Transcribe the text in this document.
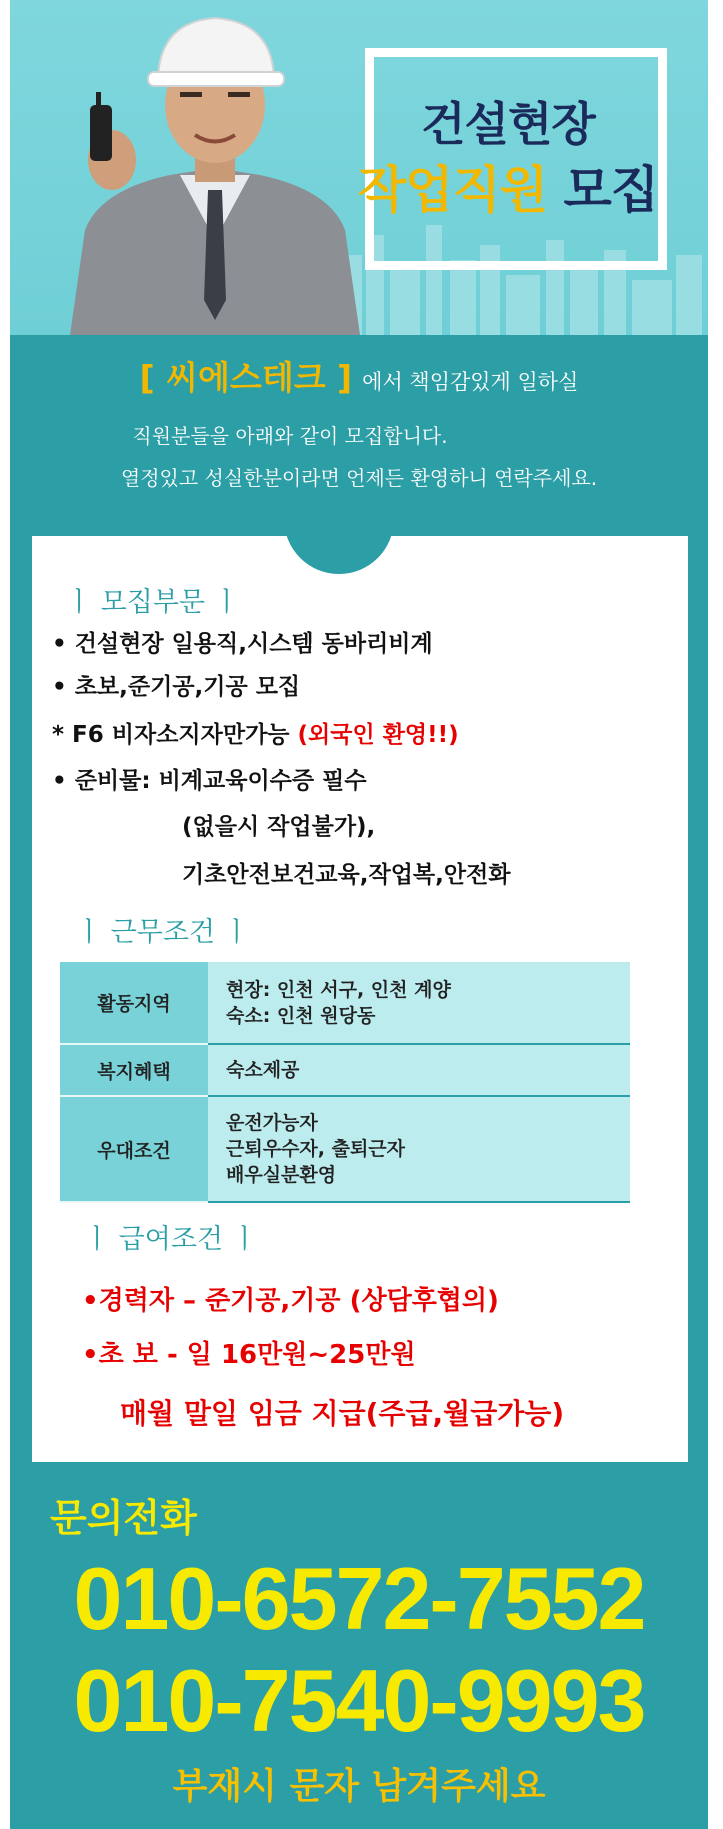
건설현장
작업직원 모집
[ 씨에스테크 ] 에서 책임감있게 일하실
직원분들을 아래와 같이 모집합니다.
열정있고 성실한분이라면 언제든 환영하니 연락주세요.
ㅣ 모집부문 ㅣ
• 건설현장 일용직,시스템 동바리비계
• 초보,준기공,기공 모집
* F6 비자소지자만가능 (외국인 환영!!)
• 준비물: 비계교육이수증 필수
(없을시 작업불가),
기초안전보건교육,작업복,안전화
ㅣ 근무조건 ㅣ
활동지역	현장: 인천 서구, 인천 계양
숙소: 인천 원당동

복지혜택	숙소제공

우대조건	운전가능자
근퇴우수자, 출퇴근자
배우실분환영
ㅣ 급여조건 ㅣ
•경력자 – 준기공,기공 (상담후협의)
•초 보 - 일 16만원~25만원
매월 말일 임금 지급(주급,월급가능)
문의전화
010-6572-7552
010-7540-9993
부재시 문자 남겨주세요
